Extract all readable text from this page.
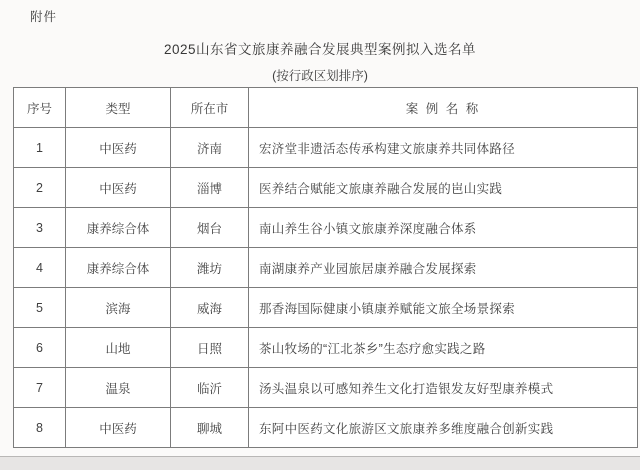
附件
2025山东省文旅康养融合发展典型案例拟入选名单
(按行政区划排序)
序号	类型	所在市	案 例 名 称
1	中医药	济南	宏济堂非遗活态传承构建文旅康养共同体路径
2	中医药	淄博	医养结合赋能文旅康养融合发展的岜山实践
3	康养综合体	烟台	南山养生谷小镇文旅康养深度融合体系
4	康养综合体	潍坊	南湖康养产业园旅居康养融合发展探索
5	滨海	威海	那香海国际健康小镇康养赋能文旅全场景探索
6	山地	日照	茶山牧场的“江北茶乡”生态疗愈实践之路
7	温泉	临沂	汤头温泉以可感知养生文化打造银发友好型康养模式
8	中医药	聊城	东阿中医药文化旅游区文旅康养多维度融合创新实践
